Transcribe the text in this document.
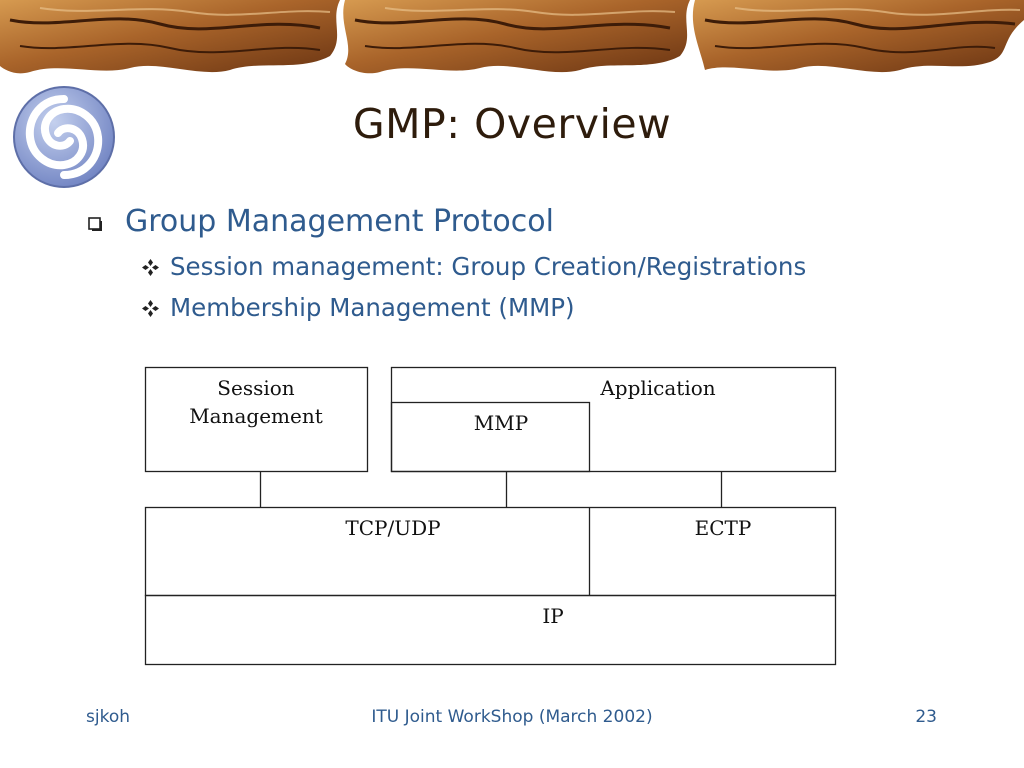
GMP: Overview
Group Management Protocol
Session management: Group Creation/Registrations
Membership Management (MMP)
Session
Management
Application
MMP
TCP/UDP	ECTP
IP
sjkoh	ITU Joint WorkShop (March 2002)	23
